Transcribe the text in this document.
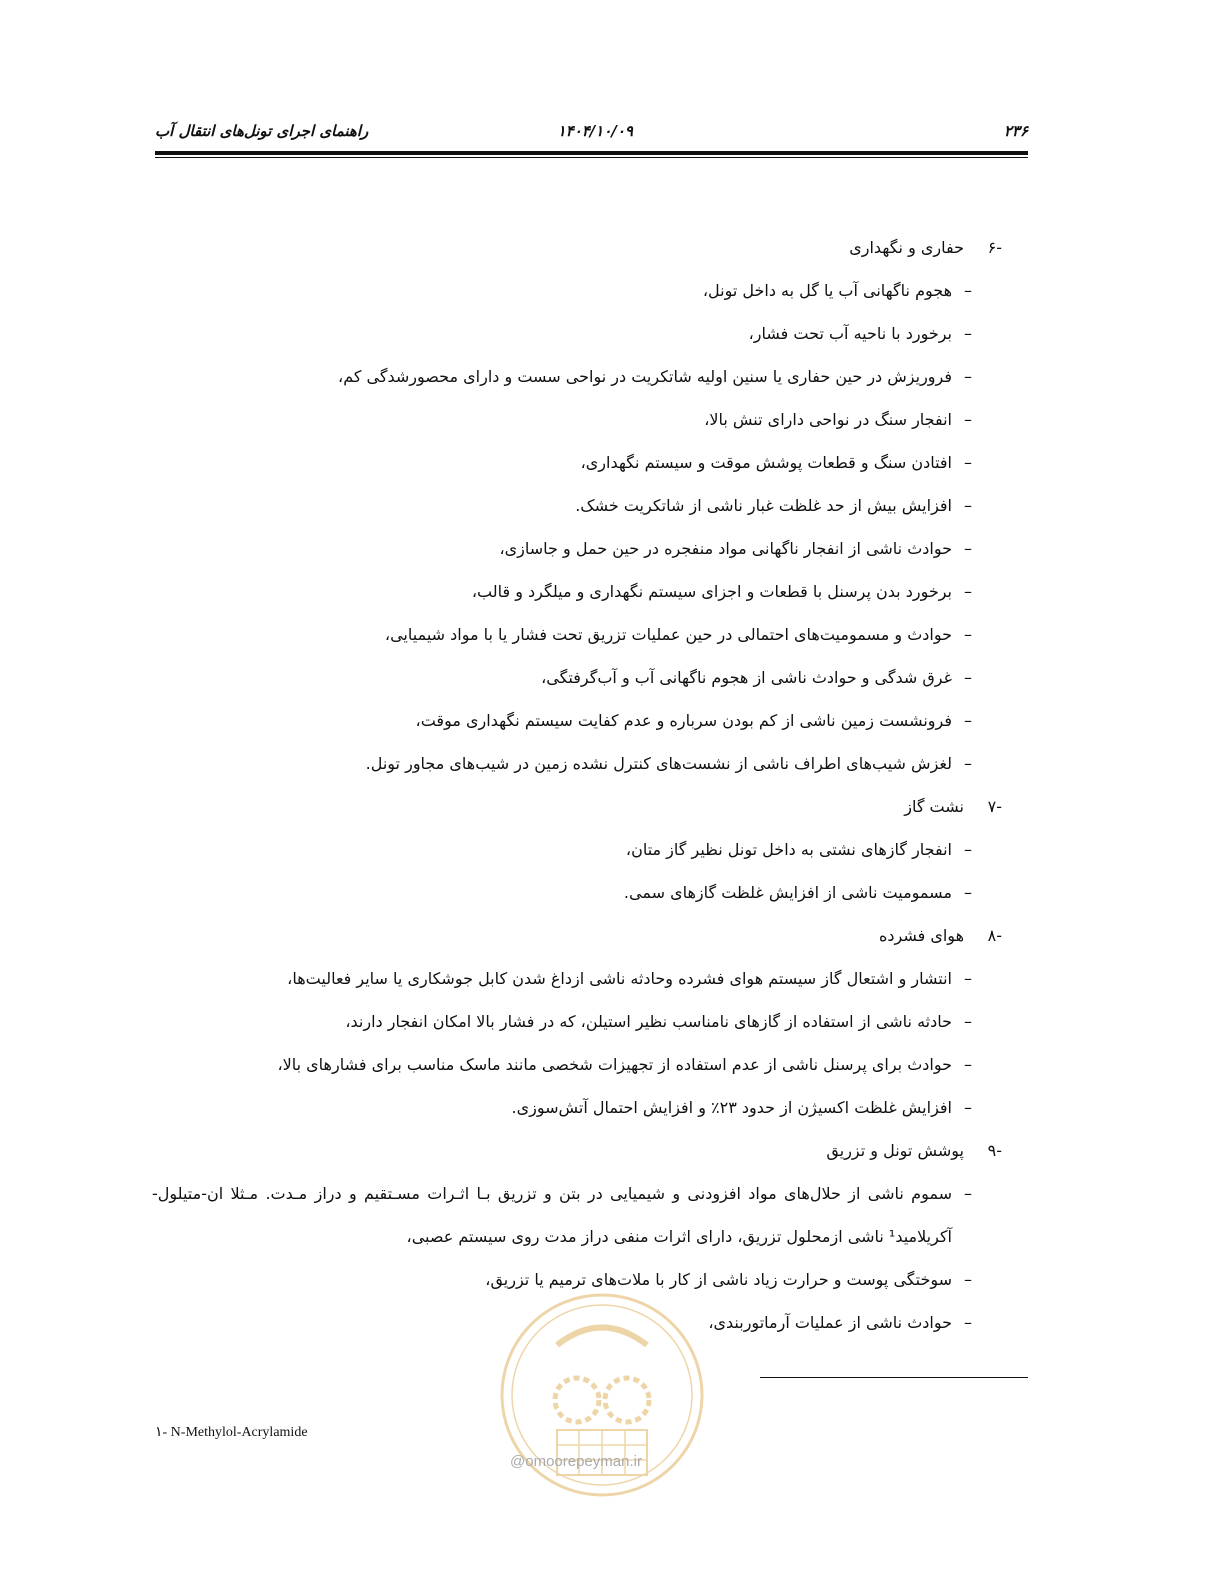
۲۳۶
۱۴۰۴/۱۰/۰۹
راهنمای اجرای تونل‌های انتقال آب
-۶
حفاری و نگهداری
–
هجوم ناگهانی آب یا گل به داخل تونل،
–
برخورد با ناحیه آب تحت فشار،
–
فروریزش در حین حفاری یا سنین اولیه شاتکریت در نواحی سست و دارای محصورشدگی کم،
–
انفجار سنگ در نواحی دارای تنش بالا،
–
افتادن سنگ و قطعات پوشش موقت و سیستم نگهداری،
–
افزایش بیش از حد غلظت غبار ناشی از شاتکریت خشک.
–
حوادث ناشی از انفجار ناگهانی مواد منفجره در حین حمل و جاسازی،
–
برخورد بدن پرسنل با قطعات و اجزای سیستم نگهداری و میلگرد و قالب،
–
حوادث و مسمومیت‌های احتمالی در حین عملیات تزریق تحت فشار یا با مواد شیمیایی،
–
غرق شدگی و حوادث ناشی از هجوم ناگهانی آب و آب‌گرفتگی،
–
فرونشست زمین ناشی از کم بودن سرباره و عدم کفایت سیستم نگهداری موقت،
–
لغزش شیب‌های اطراف ناشی از نشست‌های کنترل نشده زمین در شیب‌های مجاور تونل.
-۷
نشت گاز
–
انفجار گازهای نشتی به داخل تونل نظیر گاز متان،
–
مسمومیت ناشی از افزایش غلظت گازهای سمی.
-۸
هوای فشرده
–
انتشار و اشتعال گاز سیستم هوای فشرده وحادثه ناشی ازداغ شدن کابل جوشکاری یا سایر فعالیت‌ها،
–
حادثه ناشی از استفاده از گازهای نامناسب نظیر استیلن، که در فشار بالا امکان انفجار دارند،
–
حوادث برای پرسنل ناشی از عدم استفاده از تجهیزات شخصی مانند ماسک مناسب برای فشارهای بالا،
–
افزایش غلظت اکسیژن از حدود ۲۳٪ و افزایش احتمال آتش‌سوزی.
-۹
پوشش تونل و تزریق
–
سموم ناشی از حلال‌های مواد افزودنی و شیمیایی در بتن و تزریق بـا اثـرات مسـتقیم و دراز مـدت. مـثلا ان-متیلول-آکریلامید¹ ناشی ازمحلول تزریق، دارای اثرات منفی دراز مدت روی سیستم عصبی،
–
سوختگی پوست و حرارت زیاد ناشی از کار با ملات‌های ترمیم یا تزریق،
–
حوادث ناشی از عملیات آرماتوربندی،
@omoorepeyman.ir
۱- N-Methylol-Acrylamide
